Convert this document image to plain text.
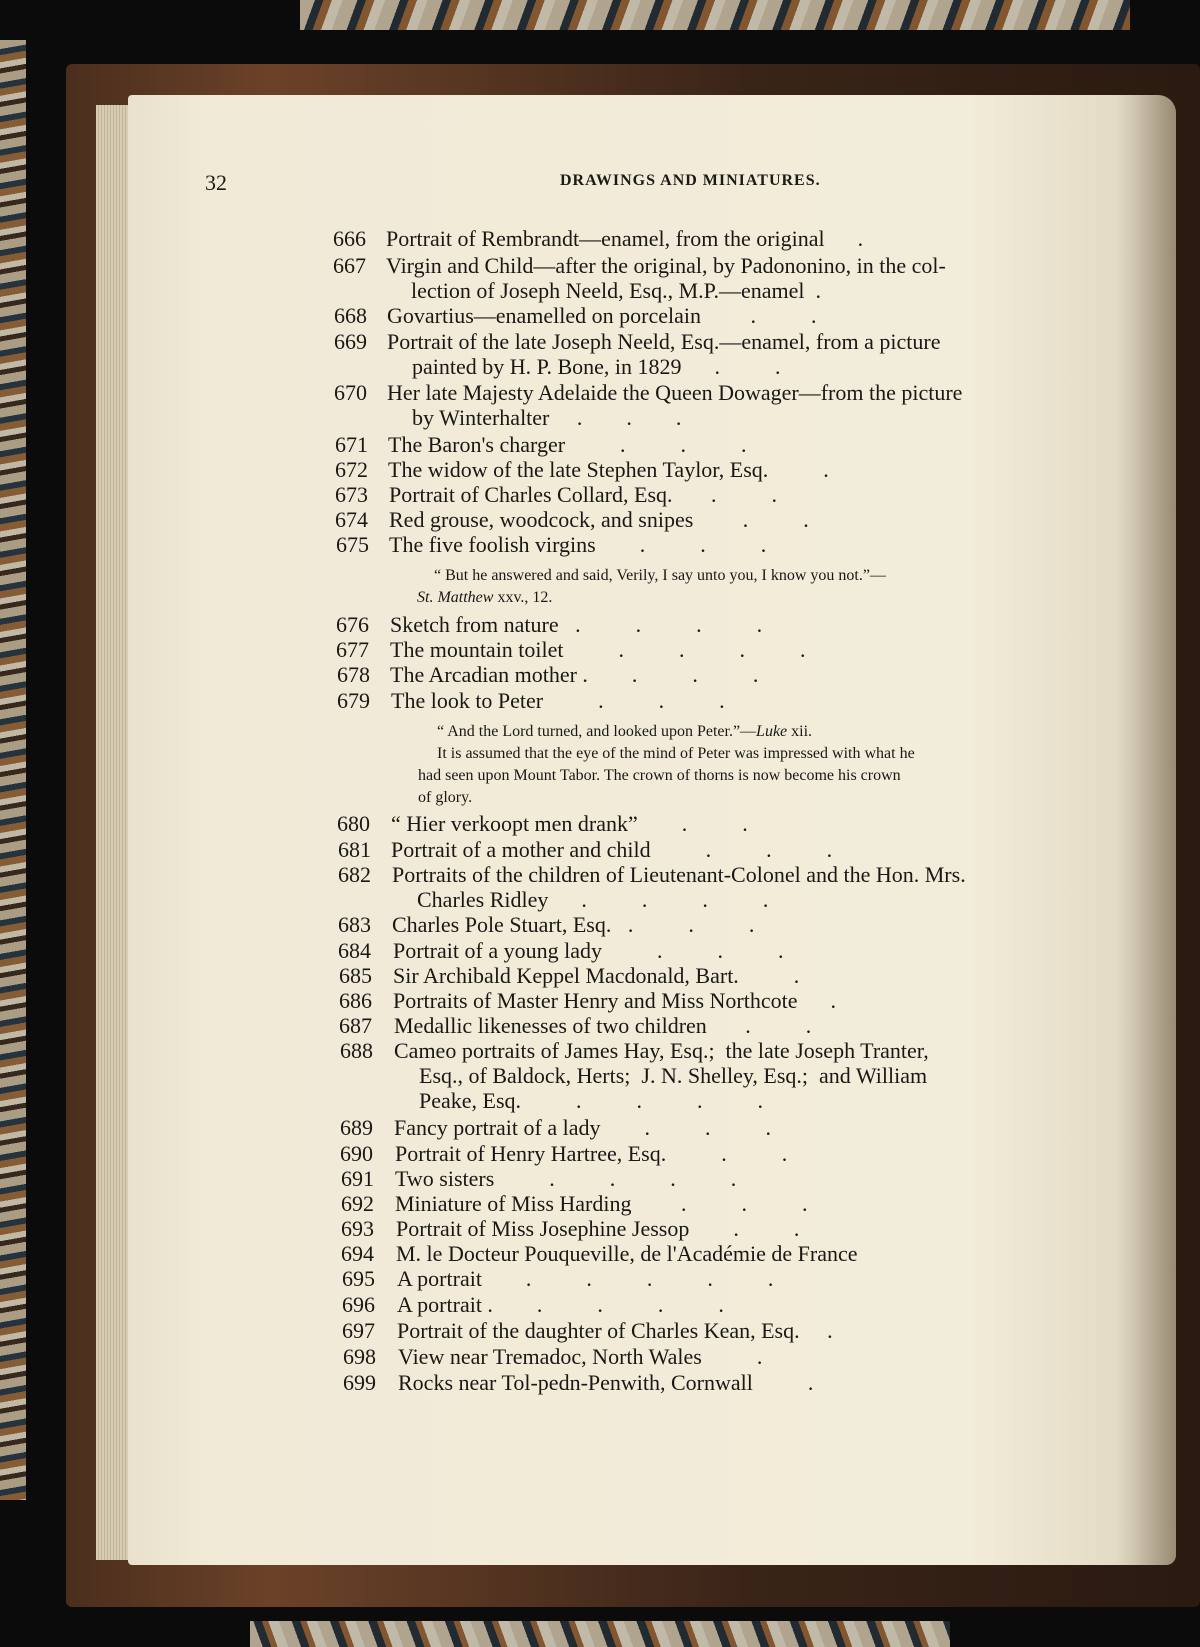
32	DRAWINGS AND MINIATURES.
666 Portrait of Rembrandt—enamel, from the original      .
667 Virgin and Child—after the original, by Padononino, in the col-
lection of Joseph Neeld, Esq., M.P.—enamel  .
668 Govartius—enamelled on porcelain         .          .
669 Portrait of the late Joseph Neeld, Esq.—enamel, from a picture
painted by H. P. Bone, in 1829      .          .
670 Her late Majesty Adelaide the Queen Dowager—from the picture
by Winterhalter     .        .        .
671 The Baron's charger          .          .          .
672 The widow of the late Stephen Taylor, Esq.          .
673 Portrait of Charles Collard, Esq.       .          .
674 Red grouse, woodcock, and snipes         .          .
675 The five foolish virgins        .          .          .
676 Sketch from nature   .          .          .          .
677 The mountain toilet          .          .          .          .
678 The Arcadian mother .        .          .          .
679 The look to Peter          .          .          .
680 “ Hier verkoopt men drank”        .          .
681 Portrait of a mother and child          .          .          .
682 Portraits of the children of Lieutenant-Colonel and the Hon. Mrs.
Charles Ridley      .          .          .          .
683 Charles Pole Stuart, Esq.   .          .          .
684 Portrait of a young lady          .          .          .
685 Sir Archibald Keppel Macdonald, Bart.          .
686 Portraits of Master Henry and Miss Northcote      .
687 Medallic likenesses of two children       .          .
688 Cameo portraits of James Hay, Esq.;  the late Joseph Tranter,
Esq., of Baldock, Herts;  J. N. Shelley, Esq.;  and William
Peake, Esq.          .          .          .          .
689 Fancy portrait of a lady        .          .          .
690 Portrait of Henry Hartree, Esq.          .          .
691 Two sisters          .          .          .          .
692 Miniature of Miss Harding         .          .          .
693 Portrait of Miss Josephine Jessop        .          .
694 M. le Docteur Pouqueville, de l'Académie de France
695 A portrait        .          .          .          .          .
696 A portrait .        .          .          .          .
697 Portrait of the daughter of Charles Kean, Esq.     .
698 View near Tremadoc, North Wales          .
699 Rocks near Tol-pedn-Penwith, Cornwall          .
“ But he answered and said, Verily, I say unto you, I know you not.”—
St. Matthew xxv., 12.
“ And the Lord turned, and looked upon Peter.”—Luke xii.
It is assumed that the eye of the mind of Peter was impressed with what he
had seen upon Mount Tabor. The crown of thorns is now become his crown
of glory.
